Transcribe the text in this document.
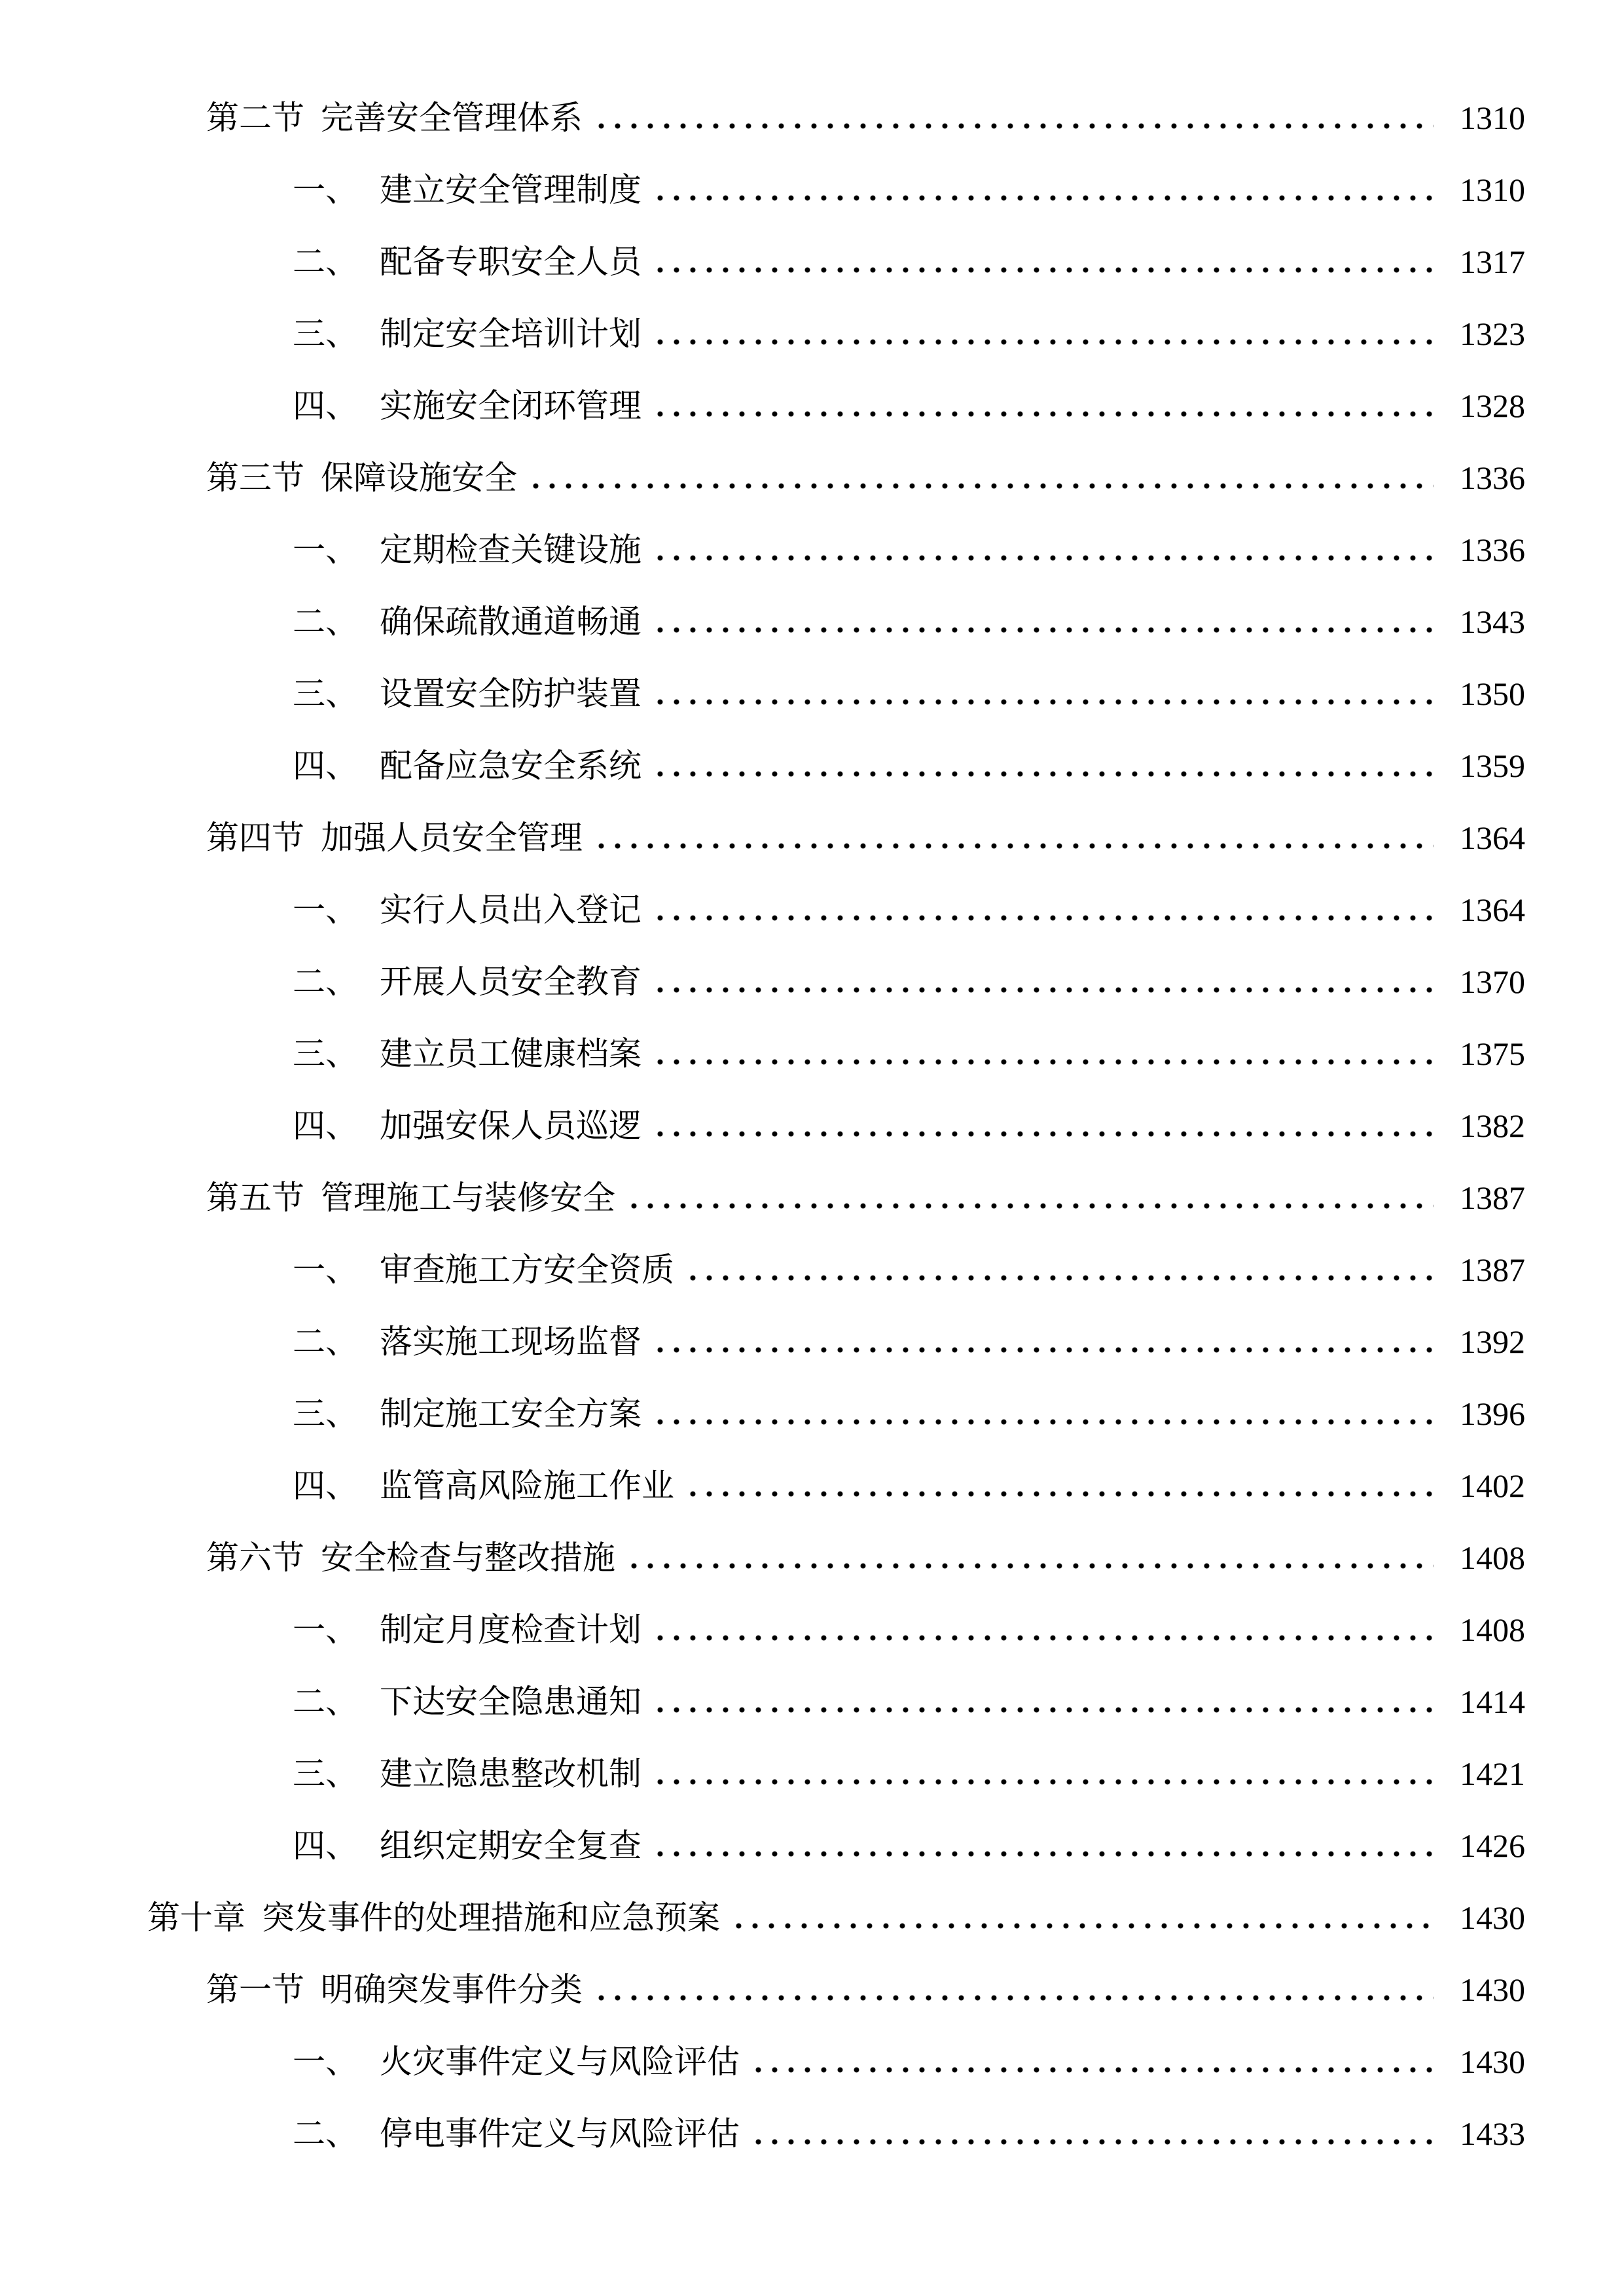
第二节 完善安全管理体系	1310
一、 建立安全管理制度	1310
二、 配备专职安全人员	1317
三、 制定安全培训计划	1323
四、 实施安全闭环管理	1328
第三节 保障设施安全	1336
一、 定期检查关键设施	1336
二、 确保疏散通道畅通	1343
三、 设置安全防护装置	1350
四、 配备应急安全系统	1359
第四节 加强人员安全管理	1364
一、 实行人员出入登记	1364
二、 开展人员安全教育	1370
三、 建立员工健康档案	1375
四、 加强安保人员巡逻	1382
第五节 管理施工与装修安全	1387
一、 审查施工方安全资质	1387
二、 落实施工现场监督	1392
三、 制定施工安全方案	1396
四、 监管高风险施工作业	1402
第六节 安全检查与整改措施	1408
一、 制定月度检查计划	1408
二、 下达安全隐患通知	1414
三、 建立隐患整改机制	1421
四、 组织定期安全复查	1426
第十章 突发事件的处理措施和应急预案	1430
第一节 明确突发事件分类	1430
一、 火灾事件定义与风险评估	1430
二、 停电事件定义与风险评估	1433
